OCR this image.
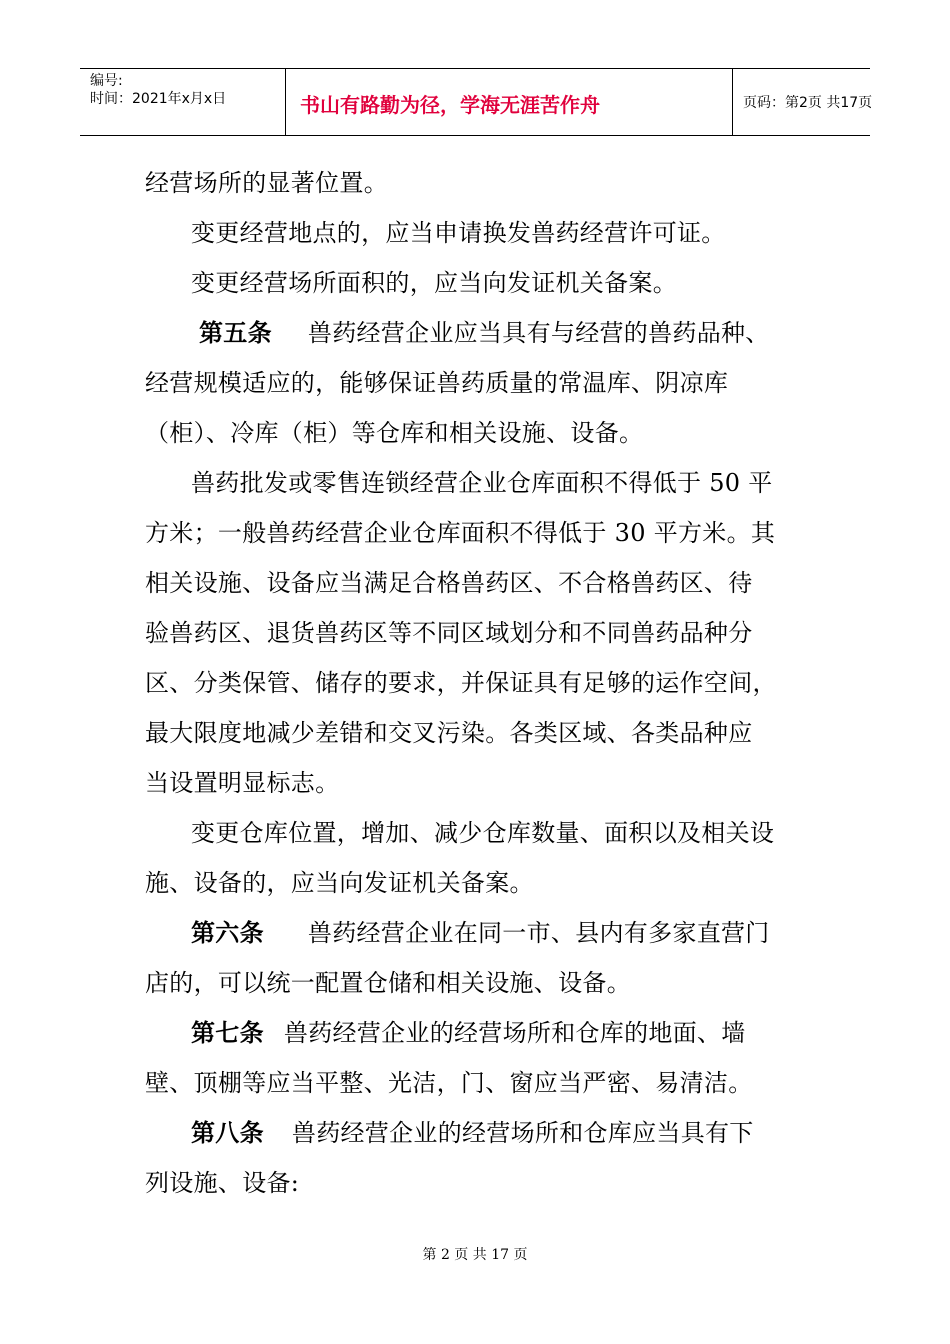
编号:
时间：2021年x月x日	书山有路勤为径，学海无涯苦作舟	页码：第2页 共17页
经营场所的显著位置。
变更经营地点的，应当申请换发兽药经营许可证。
变更经营场所面积的，应当向发证机关备案。
第五条 兽药经营企业应当具有与经营的兽药品种、
经营规模适应的，能够保证兽药质量的常温库、阴凉库
（柜）、冷库（柜）等仓库和相关设施、设备。
兽药批发或零售连锁经营企业仓库面积不得低于 50 平
方米；一般兽药经营企业仓库面积不得低于 30 平方米。其
相关设施、设备应当满足合格兽药区、不合格兽药区、待
验兽药区、退货兽药区等不同区域划分和不同兽药品种分
区、分类保管、储存的要求，并保证具有足够的运作空间，
最大限度地减少差错和交叉污染。各类区域、各类品种应
当设置明显标志。
变更仓库位置，增加、减少仓库数量、面积以及相关设
施、设备的，应当向发证机关备案。
第六条 兽药经营企业在同一市、县内有多家直营门
店的，可以统一配置仓储和相关设施、设备。
第七条 兽药经营企业的经营场所和仓库的地面、墙
壁、顶棚等应当平整、光洁，门、窗应当严密、易清洁。
第八条 兽药经营企业的经营场所和仓库应当具有下
列设施、设备:
第 2 页 共 17 页
